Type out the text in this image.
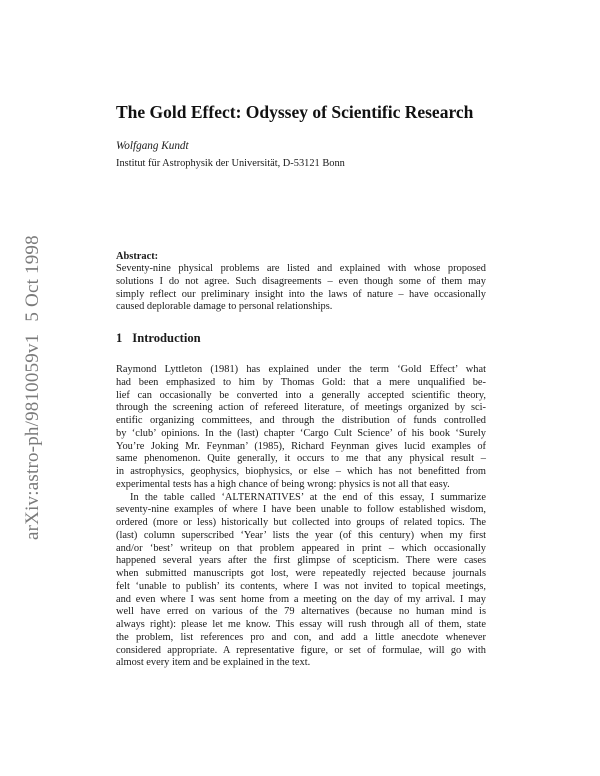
arXiv:astro-ph/9810059v15 Oct 1998
The Gold Effect: Odyssey of Scientific Research
Wolfgang Kundt
Institut für Astrophysik der Universität, D-53121 Bonn
Abstract:
Seventy-nine physical problems are listed and explained with whose proposed
solutions I do not agree. Such disagreements – even though some of them may
simply reflect our preliminary insight into the laws of nature – have occasionally
caused deplorable damage to personal relationships.
1 Introduction
Raymond Lyttleton (1981) has explained under the term ‘Gold Effect’ what
had been emphasized to him by Thomas Gold: that a mere unqualified be-
lief can occasionally be converted into a generally accepted scientific theory,
through the screening action of refereed literature, of meetings organized by sci-
entific organizing committees, and through the distribution of funds controlled
by ‘club’ opinions. In the (last) chapter ‘Cargo Cult Science’ of his book ‘Surely
You’re Joking Mr. Feynman’ (1985), Richard Feynman gives lucid examples of
same phenomenon. Quite generally, it occurs to me that any physical result –
in astrophysics, geophysics, biophysics, or else – which has not benefitted from
experimental tests has a high chance of being wrong: physics is not all that easy.
In the table called ‘ALTERNATIVES’ at the end of this essay, I summarize
seventy-nine examples of where I have been unable to follow established wisdom,
ordered (more or less) historically but collected into groups of related topics. The
(last) column superscribed ‘Year’ lists the year (of this century) when my first
and/or ‘best’ writeup on that problem appeared in print – which occasionally
happened several years after the first glimpse of scepticism. There were cases
when submitted manuscripts got lost, were repeatedly rejected because journals
felt ‘unable to publish’ its contents, where I was not invited to topical meetings,
and even where I was sent home from a meeting on the day of my arrival. I may
well have erred on various of the 79 alternatives (because no human mind is
always right): please let me know. This essay will rush through all of them, state
the problem, list references pro and con, and add a little anecdote whenever
considered appropriate. A representative figure, or set of formulae, will go with
almost every item and be explained in the text.
